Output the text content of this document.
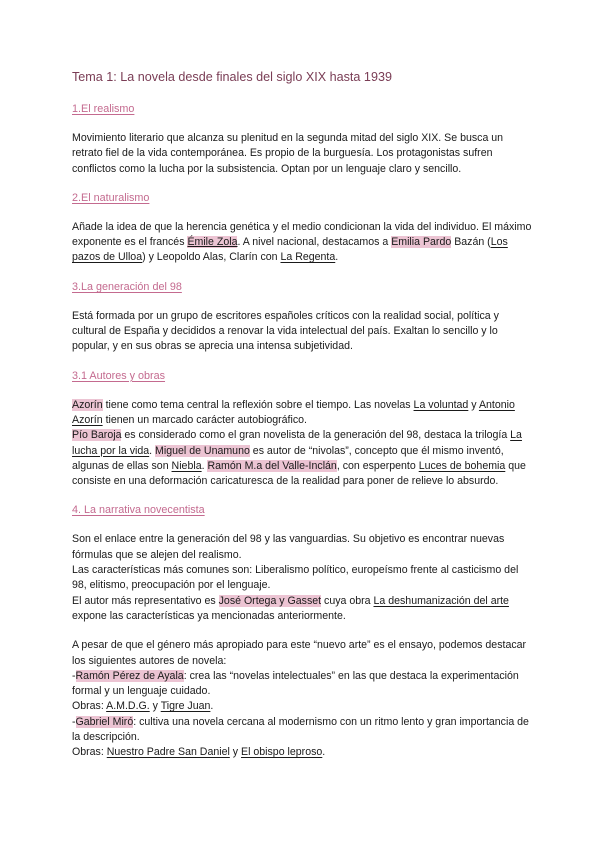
Tema 1: La novela desde finales del siglo XIX hasta 1939
1.El realismo
Movimiento literario que alcanza su plenitud en la segunda mitad del siglo XIX. Se busca un retrato fiel de la vida contemporánea. Es propio de la burguesía. Los protagonistas sufren conflictos como la lucha por la subsistencia. Optan por un lenguaje claro y sencillo.
2.El naturalismo
Añade la idea de que la herencia genética y el medio condicionan la vida del individuo. El máximo exponente es el francés Émile Zola. A nivel nacional, destacamos a Emilia Pardo Bazán (Los pazos de Ulloa) y Leopoldo Alas, Clarín con La Regenta.
3.La generación del 98
Está formada por un grupo de escritores españoles críticos con la realidad social, política y cultural de España y decididos a renovar la vida intelectual del país. Exaltan lo sencillo y lo popular, y en sus obras se aprecia una intensa subjetividad.
3.1 Autores y obras
Azorín tiene como tema central la reflexión sobre el tiempo. Las novelas La voluntad y Antonio Azorín tienen un marcado carácter autobiográfico.
Pío Baroja es considerado como el gran novelista de la generación del 98, destaca la trilogía La lucha por la vida. Miguel de Unamuno es autor de “nivolas”, concepto que él mismo inventó, algunas de ellas son Niebla. Ramón M.a del Valle-Inclán, con esperpento Luces de bohemia que consiste en una deformación caricaturesca de la realidad para poner de relieve lo absurdo.
4. La narrativa novecentista
Son el enlace entre la generación del 98 y las vanguardias. Su objetivo es encontrar nuevas fórmulas que se alejen del realismo.
Las características más comunes son: Liberalismo político, europeísmo frente al casticismo del 98, elitismo, preocupación por el lenguaje.
El autor más representativo es José Ortega y Gasset cuya obra La deshumanización del arte expone las características ya mencionadas anteriormente.
A pesar de que el género más apropiado para este “nuevo arte” es el ensayo, podemos destacar los siguientes autores de novela:
-Ramón Pérez de Ayala: crea las “novelas intelectuales” en las que destaca la experimentación formal y un lenguaje cuidado.
Obras: A.M.D.G. y Tigre Juan.
-Gabriel Miró: cultiva una novela cercana al modernismo con un ritmo lento y gran importancia de la descripción.
Obras: Nuestro Padre San Daniel y El obispo leproso.
